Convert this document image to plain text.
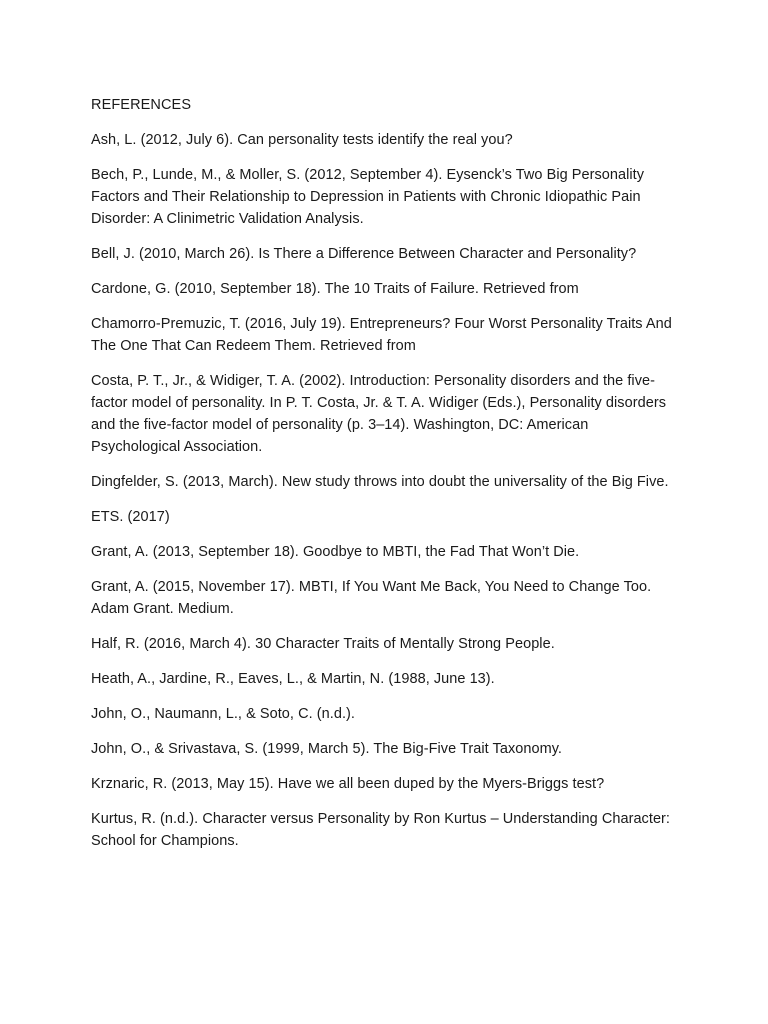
REFERENCES

Ash, L. (2012, July 6). Can personality tests identify the real you?

Bech, P., Lunde, M., & Moller, S. (2012, September 4). Eysenck’s Two Big Personality Factors and Their Relationship to Depression in Patients with Chronic Idiopathic Pain Disorder: A Clinimetric Validation Analysis.

Bell, J. (2010, March 26). Is There a Difference Between Character and Personality?

Cardone, G. (2010, September 18). The 10 Traits of Failure. Retrieved from

Chamorro-Premuzic, T. (2016, July 19). Entrepreneurs? Four Worst Personality Traits And The One That Can Redeem Them. Retrieved from

Costa, P. T., Jr., & Widiger, T. A. (2002). Introduction: Personality disorders and the five-factor model of personality. In P. T. Costa, Jr. & T. A. Widiger (Eds.), Personality disorders and the five-factor model of personality (p. 3–14). Washington, DC: American Psychological Association.

Dingfelder, S. (2013, March). New study throws into doubt the universality of the Big Five.

ETS. (2017)

Grant, A. (2013, September 18). Goodbye to MBTI, the Fad That Won’t Die.

Grant, A. (2015, November 17). MBTI, If You Want Me Back, You Need to Change Too. Adam Grant. Medium.

Half, R. (2016, March 4). 30 Character Traits of Mentally Strong People.

Heath, A., Jardine, R., Eaves, L., & Martin, N. (1988, June 13).

John, O., Naumann, L., & Soto, C. (n.d.).

John, O., & Srivastava, S. (1999, March 5). The Big-Five Trait Taxonomy.

Krznaric, R. (2013, May 15). Have we all been duped by the Myers-Briggs test?

Kurtus, R. (n.d.). Character versus Personality by Ron Kurtus – Understanding Character: School for Champions.
